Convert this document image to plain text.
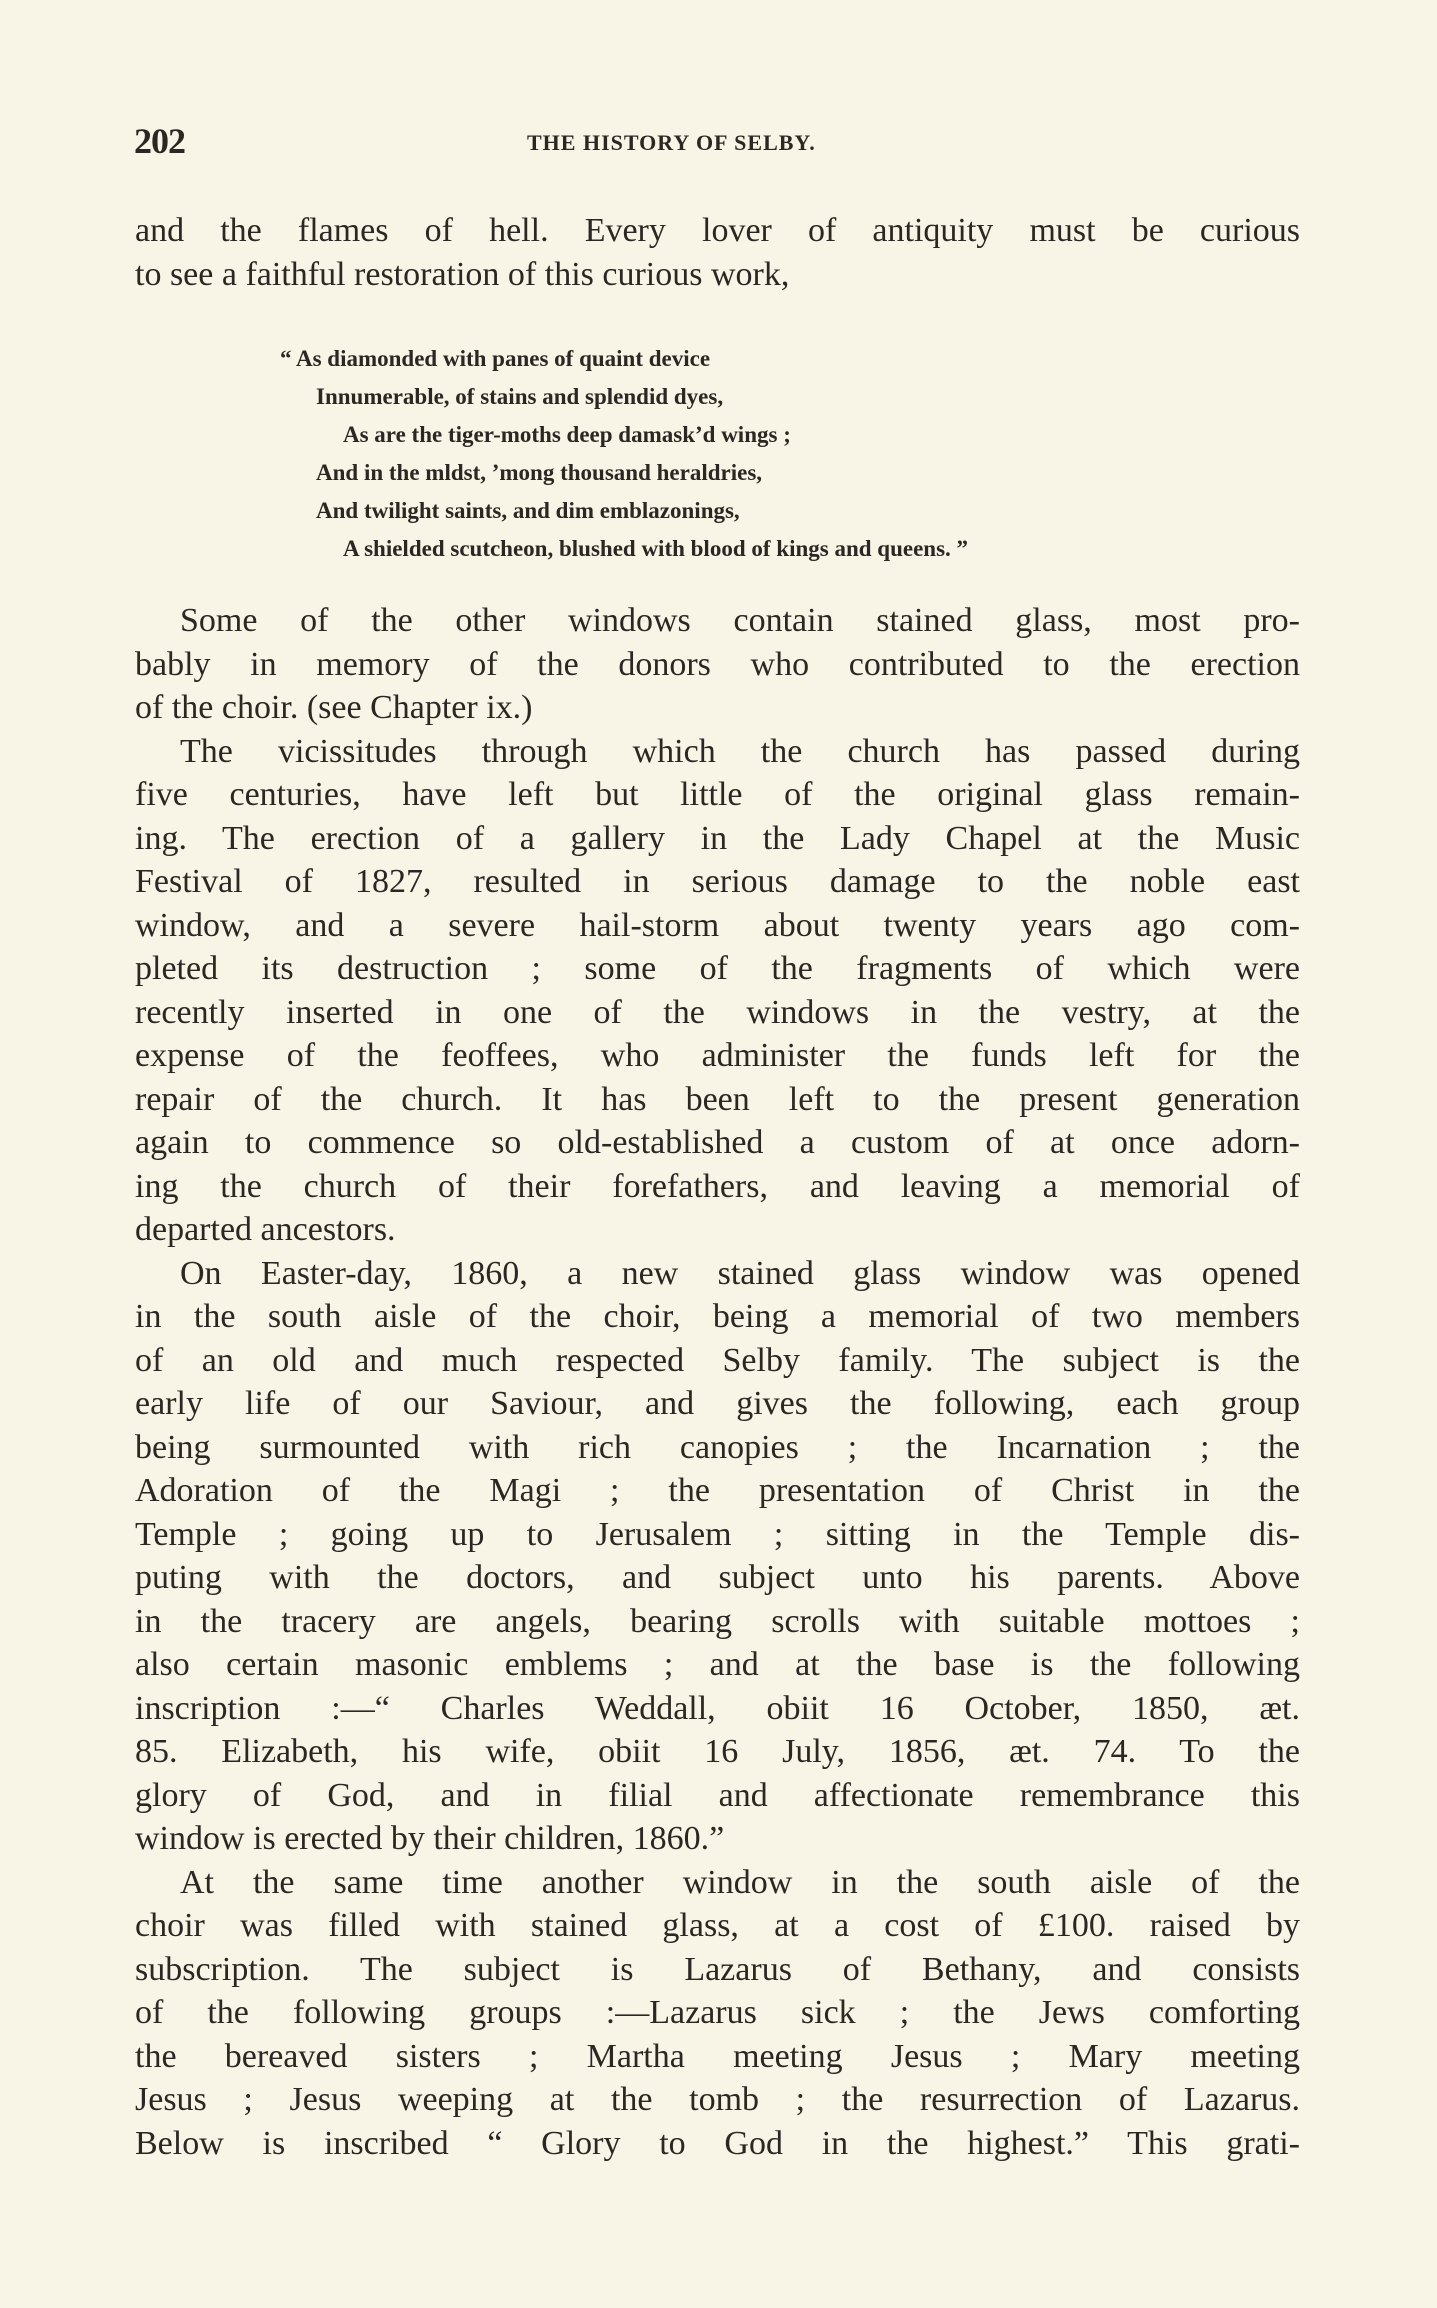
202	THE HISTORY OF SELBY.
and the flames of hell. Every lover of antiquity must be curious
to see a faithful restoration of this curious work,
“ As diamonded with panes of quaint device
Innumerable, of stains and splendid dyes,
As are the tiger-moths deep damask’d wings ;
And in the mldst, ’mong thousand heraldries,
And twilight saints, and dim emblazonings,
A shielded scutcheon, blushed with blood of kings and queens. ”
Some of the other windows contain stained glass, most pro-
bably in memory of the donors who contributed to the erection
of the choir. (see Chapter ix.)
The vicissitudes through which the church has passed during
five centuries, have left but little of the original glass remain-
ing. The erection of a gallery in the Lady Chapel at the Music
Festival of 1827, resulted in serious damage to the noble east
window, and a severe hail-storm about twenty years ago com-
pleted its destruction ; some of the fragments of which were
recently inserted in one of the windows in the vestry, at the
expense of the feoffees, who administer the funds left for the
repair of the church. It has been left to the present generation
again to commence so old-established a custom of at once adorn-
ing the church of their forefathers, and leaving a memorial of
departed ancestors.
On Easter-day, 1860, a new stained glass window was opened
in the south aisle of the choir, being a memorial of two members
of an old and much respected Selby family. The subject is the
early life of our Saviour, and gives the following, each group
being surmounted with rich canopies ; the Incarnation ; the
Adoration of the Magi ; the presentation of Christ in the
Temple ; going up to Jerusalem ; sitting in the Temple dis-
puting with the doctors, and subject unto his parents. Above
in the tracery are angels, bearing scrolls with suitable mottoes ;
also certain masonic emblems ; and at the base is the following
inscription :—“ Charles Weddall, obiit 16 October, 1850, æt.
85. Elizabeth, his wife, obiit 16 July, 1856, æt. 74. To the
glory of God, and in filial and affectionate remembrance this
window is erected by their children, 1860.”
At the same time another window in the south aisle of the
choir was filled with stained glass, at a cost of £100. raised by
subscription. The subject is Lazarus of Bethany, and consists
of the following groups :—Lazarus sick ; the Jews comforting
the bereaved sisters ; Martha meeting Jesus ; Mary meeting
Jesus ; Jesus weeping at the tomb ; the resurrection of Lazarus.
Below is inscribed “ Glory to God in the highest.” This grati-
